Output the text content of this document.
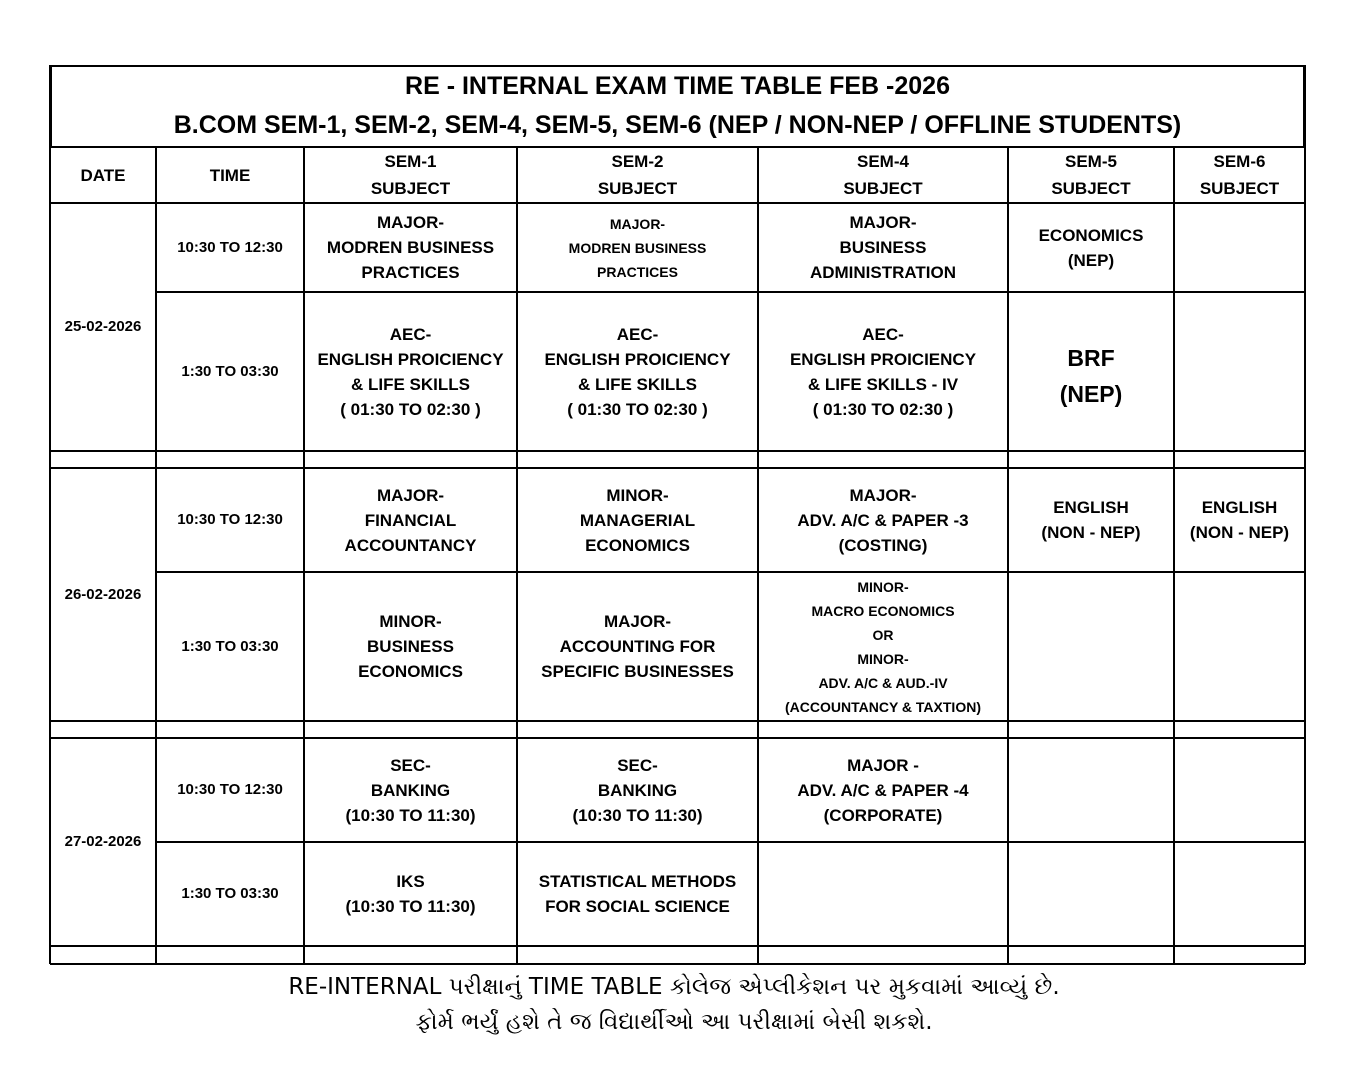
RE - INTERNAL EXAM TIME TABLE FEB -2026
B.COM SEM-1, SEM-2, SEM-4, SEM-5, SEM-6 (NEP / NON-NEP / OFFLINE STUDENTS)
DATE	TIME
SEM-1
SUBJECT
SEM-2
SUBJECT
SEM-4
SUBJECT
SEM-5
SUBJECT
SEM-6
SUBJECT
25-02-2026
10:30 TO 12:30
MAJOR-
MODREN BUSINESS
PRACTICES
MAJOR-
MODREN BUSINESS
PRACTICES
MAJOR-
BUSINESS
ADMINISTRATION
ECONOMICS
(NEP)
1:30 TO 03:30
AEC-
ENGLISH PROICIENCY
& LIFE SKILLS
( 01:30 TO 02:30 )
AEC-
ENGLISH PROICIENCY
& LIFE SKILLS
( 01:30 TO 02:30 )
AEC-
ENGLISH PROICIENCY
& LIFE SKILLS - IV
( 01:30 TO 02:30 )
BRF
(NEP)
26-02-2026
10:30 TO 12:30
MAJOR-
FINANCIAL
ACCOUNTANCY
MINOR-
MANAGERIAL
ECONOMICS
MAJOR-
ADV. A/C & PAPER -3
(COSTING)
ENGLISH
(NON - NEP)
ENGLISH
(NON - NEP)
1:30 TO 03:30
MINOR-
BUSINESS
ECONOMICS
MAJOR-
ACCOUNTING FOR
SPECIFIC BUSINESSES
MINOR-
MACRO ECONOMICS
OR
MINOR-
ADV. A/C & AUD.-IV
(ACCOUNTANCY & TAXTION)
27-02-2026
10:30 TO 12:30
SEC-
BANKING
(10:30 TO 11:30)
SEC-
BANKING
(10:30 TO 11:30)
MAJOR -
ADV. A/C & PAPER -4
(CORPORATE)
1:30 TO 03:30
IKS
(10:30 TO 11:30)
STATISTICAL METHODS
FOR SOCIAL SCIENCE
RE-INTERNAL પરીક્ષાનું TIME TABLE કોલેજ એપ્લીકેશન પર મુકવામાં આવ્યું છે.
ફોર્મ ભર્યું હશે તે જ વિદ્યાર્થીઓ આ પરીક્ષામાં બેસી શકશે.
